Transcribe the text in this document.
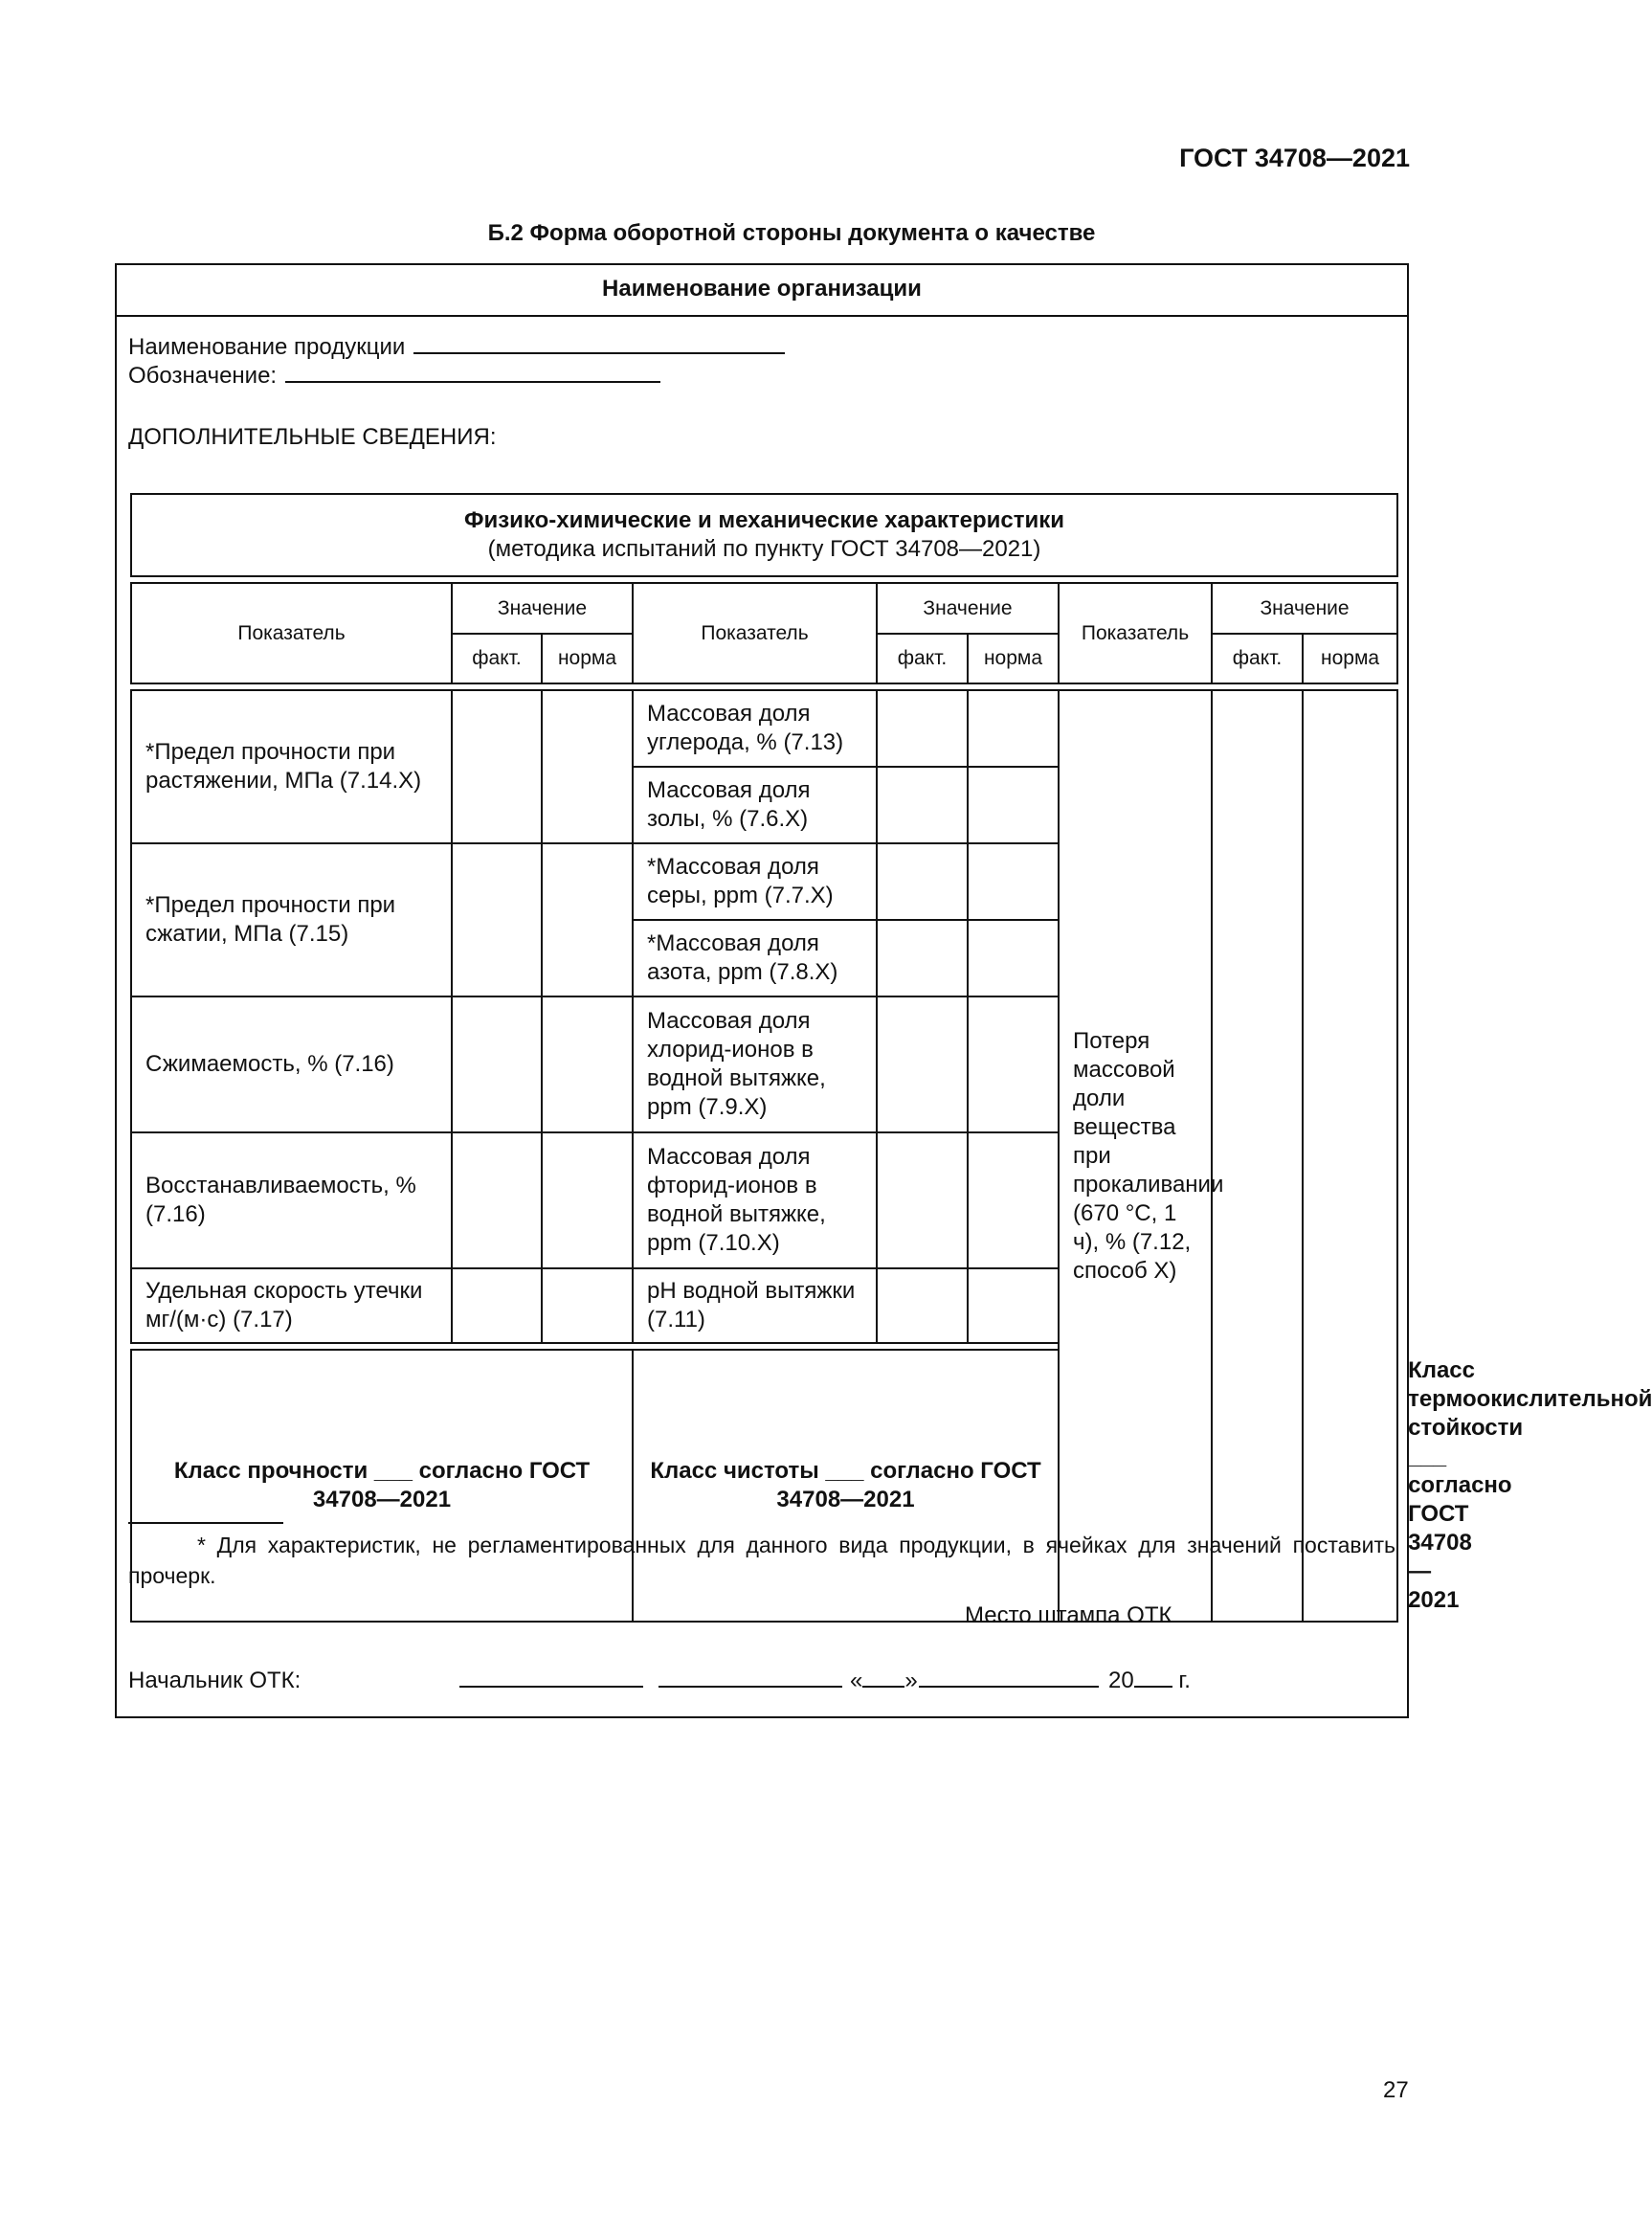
ГОСТ 34708—2021
Б.2 Форма оборотной стороны документа о качестве
Наименование организации
Наименование продукции
Обозначение:
ДОПОЛНИТЕЛЬНЫЕ СВЕДЕНИЯ:
Физико-химические и механические характеристики
(методика испытаний по пункту ГОСТ 34708—2021)									

Показатель	Значение		Показатель	Значение		Показатель	Значение		
	факт.	норма		факт.	норма		факт.	норма	

*Предел прочности при растяжении, МПа (7.14.Х)			Массовая доля углерода, % (7.13)			Потеря массовой доли вещества при прокаливании (670 °С, 1 ч), % (7.12, способ Х)			
			Массовая доля золы, % (7.6.Х)						
*Предел прочности при сжатии, МПа (7.15)			*Массовая доля серы, ppm (7.7.Х)						
			*Массовая доля азота, ppm (7.8.Х)						
Сжимаемость, % (7.16)			Массовая доля хлорид-ионов в водной вытяжке, ppm (7.9.Х)						
Восстанавливаемость, % (7.16)			Массовая доля фторид-ионов в водной вытяжке, ppm (7.10.Х)						
Удельная скорость утечки мг/(м·с) (7.17)			pH водной вытяжки (7.11)						

Класс прочности ___ согласно ГОСТ 34708—2021			Класс чистоты ___ согласно ГОСТ 34708—2021						Класс термоокислительной стойкости ___ согласно ГОСТ 34708—2021
* Для характеристик, не регламентированных для данного вида продукции, в ячейках для значений поставить прочерк.
Место штампа ОТК
Начальник ОТК:	« »	20 г.
27
